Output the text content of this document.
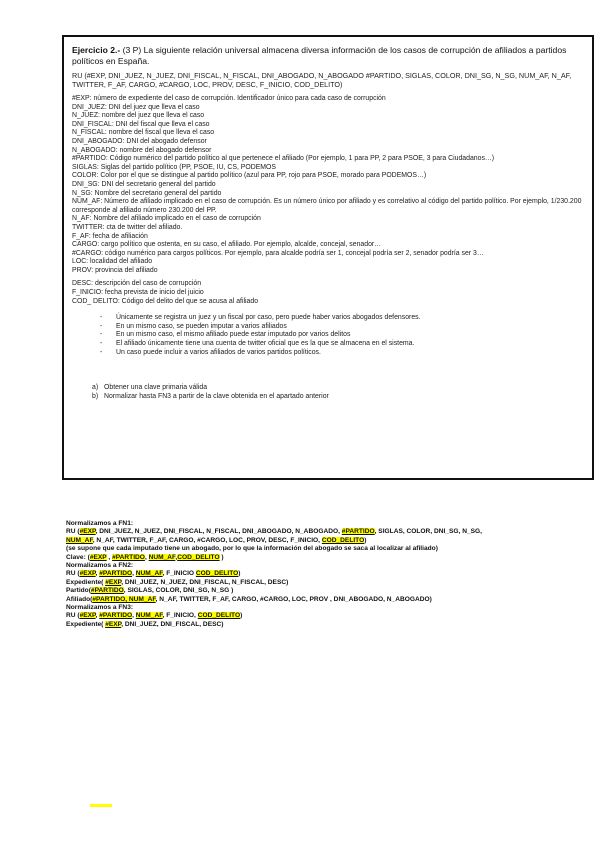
Ejercicio 2.- (3 P) La siguiente relación universal almacena diversa información de los casos de corrupción de afiliados a partidos políticos en España.

RU (#EXP, DNI_JUEZ, N_JUEZ, DNI_FISCAL, N_FISCAL, DNI_ABOGADO, N_ABOGADO #PARTIDO, SIGLAS, COLOR, DNI_SG, N_SG, NUM_AF, N_AF, TWITTER, F_AF, CARGO, #CARGO, LOC, PROV, DESC, F_INICIO, COD_DELITO)

#EXP: número de expediente del caso de corrupción. Identificador único para cada caso de corrupción

DNI_JUEZ: DNI del juez que lleva el caso

N_JUEZ: nombre del juez que lleva el caso

DNI_FISCAL: DNI del fiscal que lleva el caso

N_FISCAL: nombre del fiscal que lleva el caso

DNI_ABOGADO: DNI del abogado defensor

N_ABOGADO: nombre del abogado defensor

#PARTIDO: Código numérico del partido político al que pertenece el afiliado (Por ejemplo, 1 para PP, 2 para PSOE, 3 para Ciudadanos…)

SIGLAS: Siglas del partido político (PP, PSOE, IU, CS, PODEMOS

COLOR: Color por el que se distingue al partido político (azul para PP, rojo para PSOE, morado para PODEMOS…)

DNI_SG: DNI del secretario general del partido

N_SG: Nombre del secretario general del partido

NUM_AF: Número de afiliado implicado en el caso de corrupción. Es un número único por afiliado y es correlativo al código del partido político. Por ejemplo, 1/230.200 corresponde al afiliado número 230.200 del PP.

N_AF: Nombre del afiliado implicado en el caso de corrupción

TWITTER: cta de twitter del afiliado.

F_AF: fecha de afiliación

CARGO: cargo político que ostenta, en su caso, el afiliado. Por ejemplo, alcalde, concejal, senador…

#CARGO: código numérico para cargos políticos. Por ejemplo, para alcalde podría ser 1, concejal podría ser 2, senador podría ser 3…

LOC: localidad del afiliado

PROV: provincia del afiliado

DESC: descripción del caso de corrupción

F_INICIO: fecha prevista de inicio del juicio

COD_ DELITO: Código del delito del que se acusa al afiliado

- Únicamente se registra un juez y un fiscal por caso, pero puede haber varios abogados defensores.
- En un mismo caso, se pueden imputar a varios afiliados
- En un mismo caso, el mismo afiliado puede estar imputado por varios delitos
- El afiliado únicamente tiene una cuenta de twitter oficial que es la que se almacena en el sistema.
- Un caso puede incluir a varios afiliados de varios partidos políticos.
a) Obtener una clave primaria válida
b) Normalizar hasta FN3 a partir de la clave obtenida en el apartado anterior

Normalizamos a FN1:

RU (#EXP, DNI_JUEZ, N_JUEZ, DNI_FISCAL, N_FISCAL, DNI_ABOGADO, N_ABOGADO, #PARTIDO, SIGLAS, COLOR, DNI_SG, N_SG,
NUM_AF, N_AF, TWITTER, F_AF, CARGO, #CARGO, LOC, PROV, DESC, F_INICIO, COD_DELITO)

(se supone que cada imputado tiene un abogado, por lo que la información del abogado se saca al localizar al afiliado)

Clave: (#EXP , #PARTIDO, NUM_AF COD_DELITO )

Normalizamos a FN2:

RU (#EXP, #PARTIDO, NUM_AF, F_INICIO COD_DELITO)

Expediente( #EXP, DNI_JUEZ, N_JUEZ, DNI_FISCAL, N_FISCAL, DESC)

Partido(#PARTIDO, SIGLAS, COLOR, DNI_SG, N_SG )

Afiliado(#PARTIDO, NUM_AF, N_AF, TWITTER, F_AF, CARGO, #CARGO, LOC, PROV , DNI_ABOGADO, N_ABOGADO)

Normalizamos a FN3:

RU (#EXP, #PARTIDO, NUM_AF, F_INICIO, COD_DELITO)

Expediente( #EXP, DNI_JUEZ, DNI_FISCAL, DESC)
